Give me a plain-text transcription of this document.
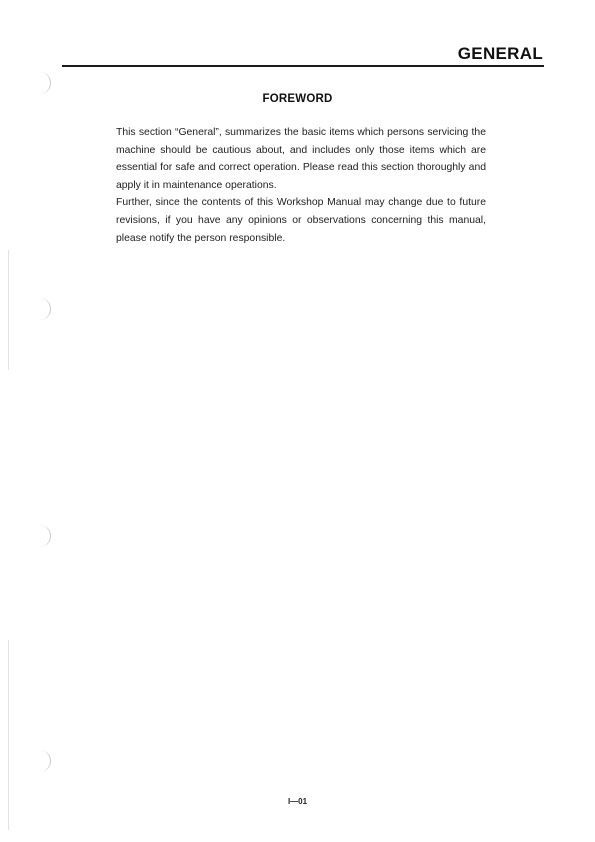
GENERAL
FOREWORD

This section “General”, summarizes the basic items which persons servicing the machine should be cautious about, and includes only those items which are essential for safe and correct operation. Please read this section thoroughly and apply it in maintenance operations.

Further, since the contents of this Workshop Manual may change due to future revisions, if you have any opinions or observations concerning this manual, please notify the person responsible.

I—01
